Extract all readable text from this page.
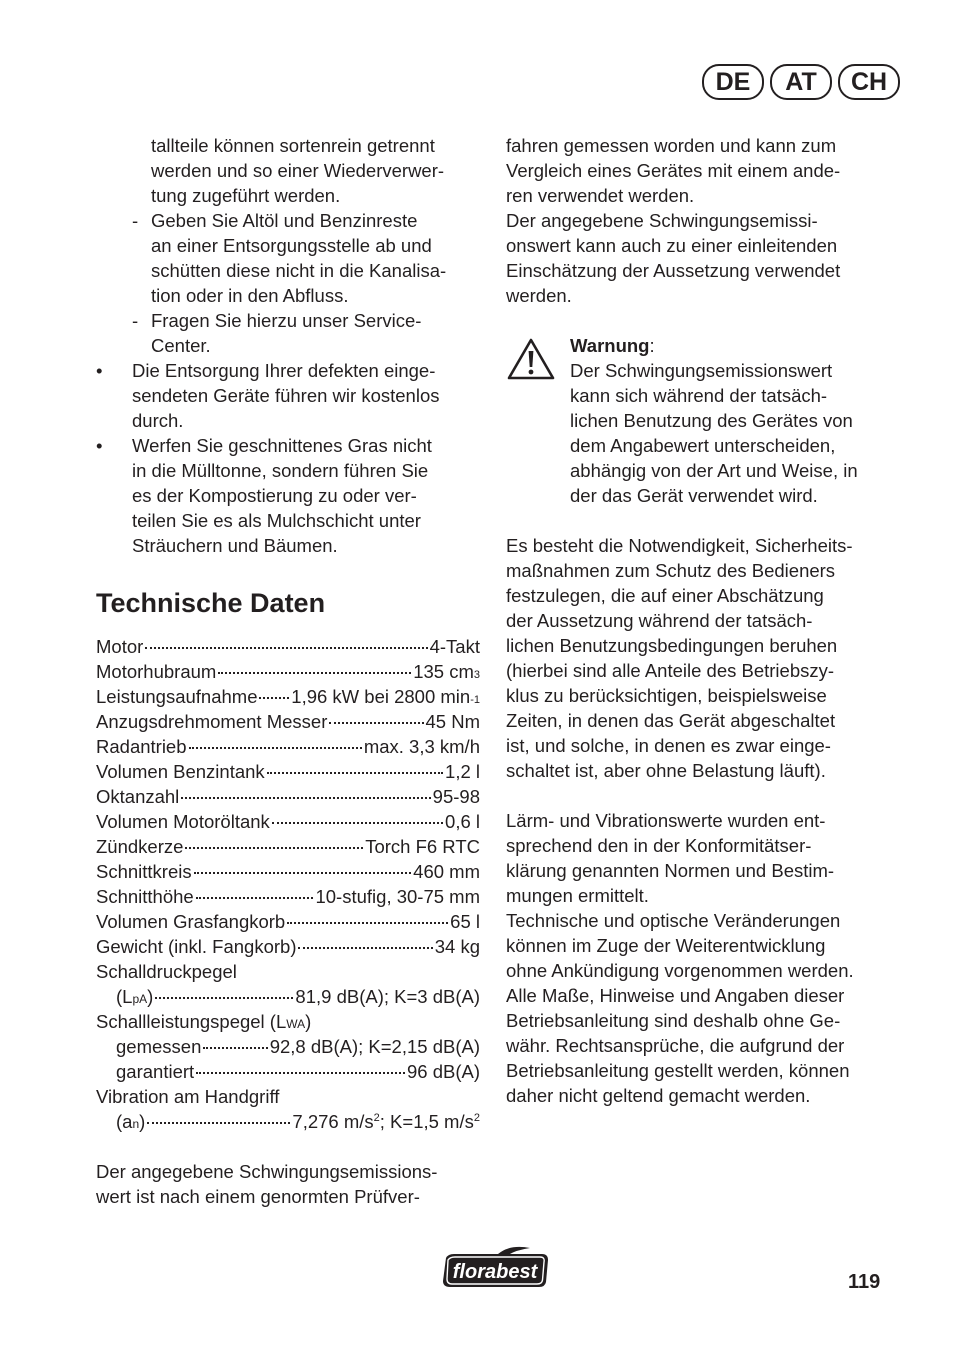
DE	AT	CH
tallteile können sortenrein getrennt
werden und so einer Wiederverwer-
tung zugeführt werden.
- Geben Sie Altöl und Benzinreste
an einer Entsorgungsstelle ab und
schütten diese nicht in die Kanalisa-
tion oder in den Abfluss.
- Fragen Sie hierzu unser Service-
Center.
• Die Entsorgung Ihrer defekten einge-
sendeten Geräte führen wir kostenlos
durch.
• Werfen Sie geschnittenes Gras nicht
in die Mülltonne, sondern führen Sie
es der Kompostierung zu oder ver-
teilen Sie es als Mulchschicht unter
Sträuchern und Bäumen.
Technische Daten
Motor	4-Takt
Motorhubraum	135 cm 3
Leistungsaufnahme 1,96 kW bei 2800 min -1
Anzugsdrehmoment Messer	45 Nm
Radantrieb	max. 3,3 km/h
Volumen Benzintank	1,2 l
Oktanzahl	95-98
Volumen Motoröltank	0,6 l
Zündkerze	Torch F6 RTC
Schnittkreis	460 mm
Schnitthöhe	10-stufig, 30-75 mm
Volumen Grasfangkorb	65 l
Gewicht (inkl. Fangkorb)	34 kg
Schalldruckpegel
(LpA)	81,9 dB(A); K=3 dB(A)
Schallleistungspegel (LWA)
gemessen	92,8 dB(A); K=2,15 dB(A)
garantiert	96 dB(A)
Vibration am Handgriff
(an)	7,276 $m/s^2$; K=1,5 $m/s^2$
Der angegebene Schwingungsemissions-
wert ist nach einem genormten Prüfver-
fahren gemessen worden und kann zum
Vergleich eines Gerätes mit einem ande-
ren verwendet werden.
Der angegebene Schwingungsemissi-
onswert kann auch zu einer einleitenden
Einschätzung der Aussetzung verwendet
werden.
Warnung:
Der Schwingungsemissionswert
kann sich während der tatsäch-
lichen Benutzung des Gerätes von
dem Angabewert unterscheiden,
abhängig von der Art und Weise, in
der das Gerät verwendet wird.
Es besteht die Notwendigkeit, Sicherheits-
maßnahmen zum Schutz des Bedieners
festzulegen, die auf einer Abschätzung
der Aussetzung während der tatsäch-
lichen Benutzungsbedingungen beruhen
(hierbei sind alle Anteile des Betriebszy-
klus zu berücksichtigen, beispielsweise
Zeiten, in denen das Gerät abgeschaltet
ist, und solche, in denen es zwar einge-
schaltet ist, aber ohne Belastung läuft).
Lärm- und Vibrationswerte wurden ent-
sprechend den in der Konformitätser-
klärung genannten Normen und Bestim-
mungen ermittelt.
Technische und optische Veränderungen
können im Zuge der Weiterentwicklung
ohne Ankündigung vorgenommen werden.
Alle Maße, Hinweise und Angaben dieser
Betriebsanleitung sind deshalb ohne Ge-
währ. Rechtsansprüche, die aufgrund der
Betriebsanleitung gestellt werden, können
daher nicht geltend gemacht werden.
florabest	119
